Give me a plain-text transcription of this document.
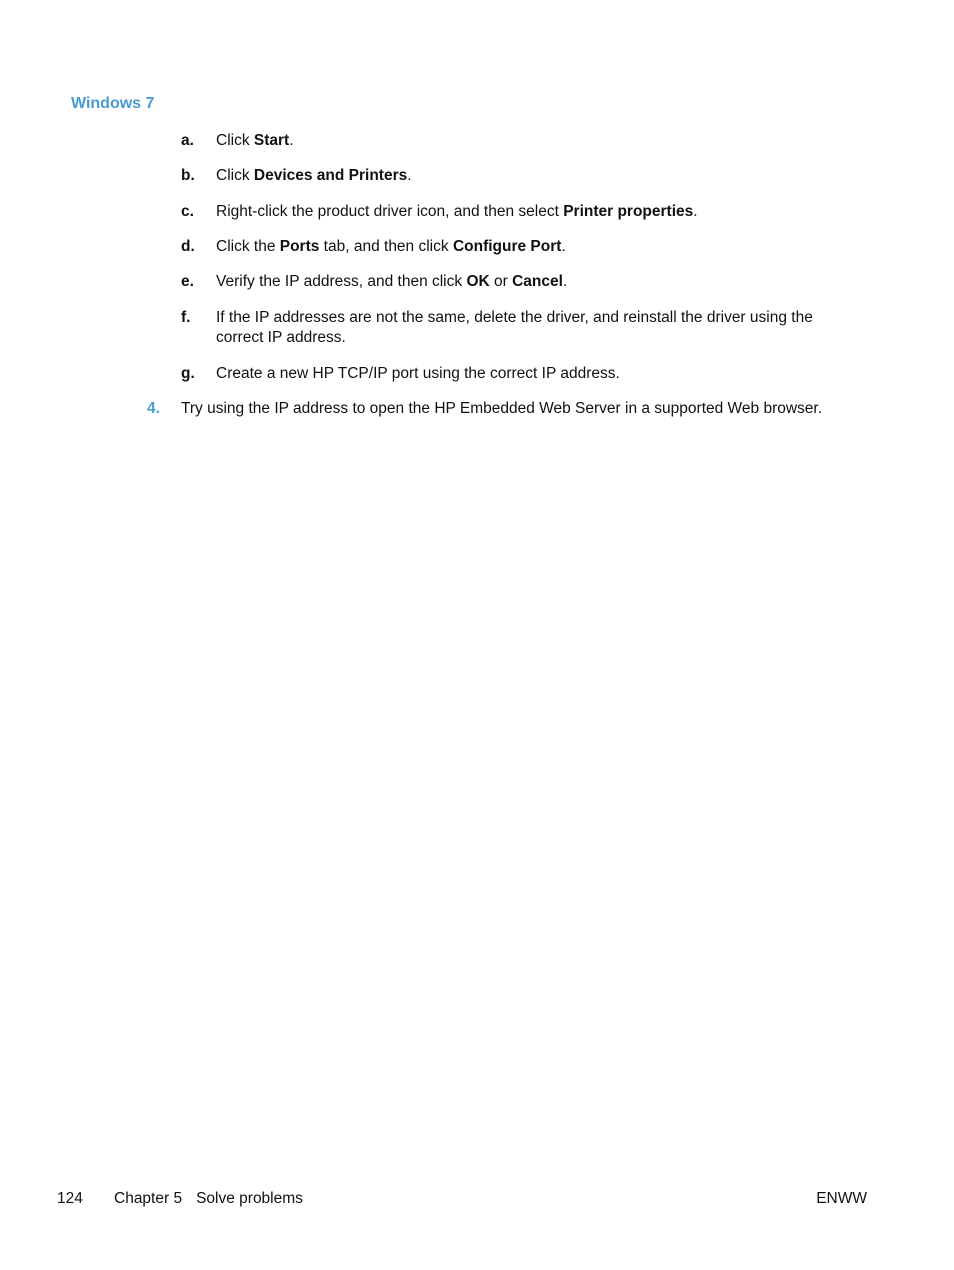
Windows 7
a. Click Start.
b. Click Devices and Printers.
c. Right-click the product driver icon, and then select Printer properties.
d. Click the Ports tab, and then click Configure Port.
e. Verify the IP address, and then click OK or Cancel.
f. If the IP addresses are not the same, delete the driver, and reinstall the driver using the correct IP address.
g. Create a new HP TCP/IP port using the correct IP address.
4. Try using the IP address to open the HP Embedded Web Server in a supported Web browser.
124 Chapter 5 Solve problems	ENWW
